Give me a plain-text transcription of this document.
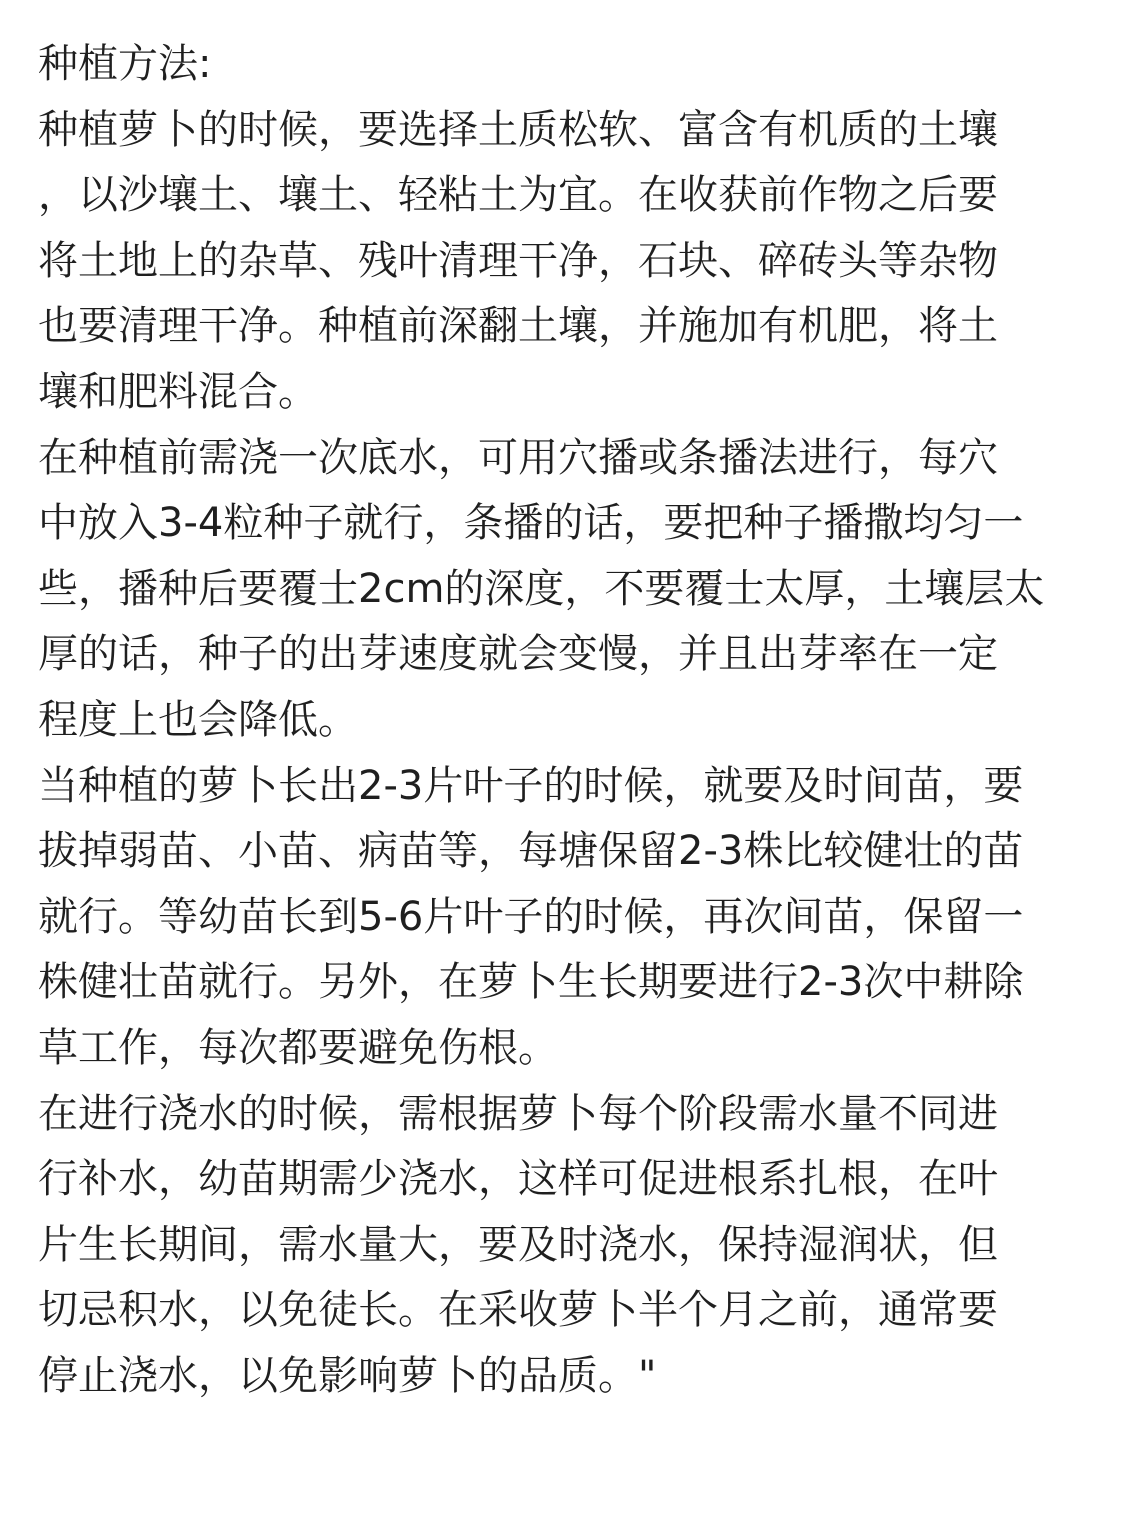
种植方法:
种植萝卜的时候，要选择土质松软、富含有机质的土壤
，以沙壤土、壤土、轻粘土为宜。在收获前作物之后要
将土地上的杂草、残叶清理干净，石块、碎砖头等杂物
也要清理干净。种植前深翻土壤，并施加有机肥，将土
壤和肥料混合。
在种植前需浇一次底水，可用穴播或条播法进行，每穴
中放入3-4粒种子就行，条播的话，要把种子播撒均匀一
些，播种后要覆士2cm的深度，不要覆士太厚，土壤层太
厚的话，种子的出芽速度就会变慢，并且出芽率在一定
程度上也会降低。
当种植的萝卜长出2-3片叶子的时候，就要及时间苗，要
拔掉弱苗、小苗、病苗等，每塘保留2-3株比较健壮的苗
就行。等幼苗长到5-6片叶子的时候，再次间苗，保留一
株健壮苗就行。另外，在萝卜生长期要进行2-3次中耕除
草工作，每次都要避免伤根。
在进行浇水的时候，需根据萝卜每个阶段需水量不同进
行补水，幼苗期需少浇水，这样可促进根系扎根，在叶
片生长期间，需水量大，要及时浇水，保持湿润状，但
切忌积水，以免徒长。在采收萝卜半个月之前，通常要
停止浇水，以免影响萝卜的品质。"
